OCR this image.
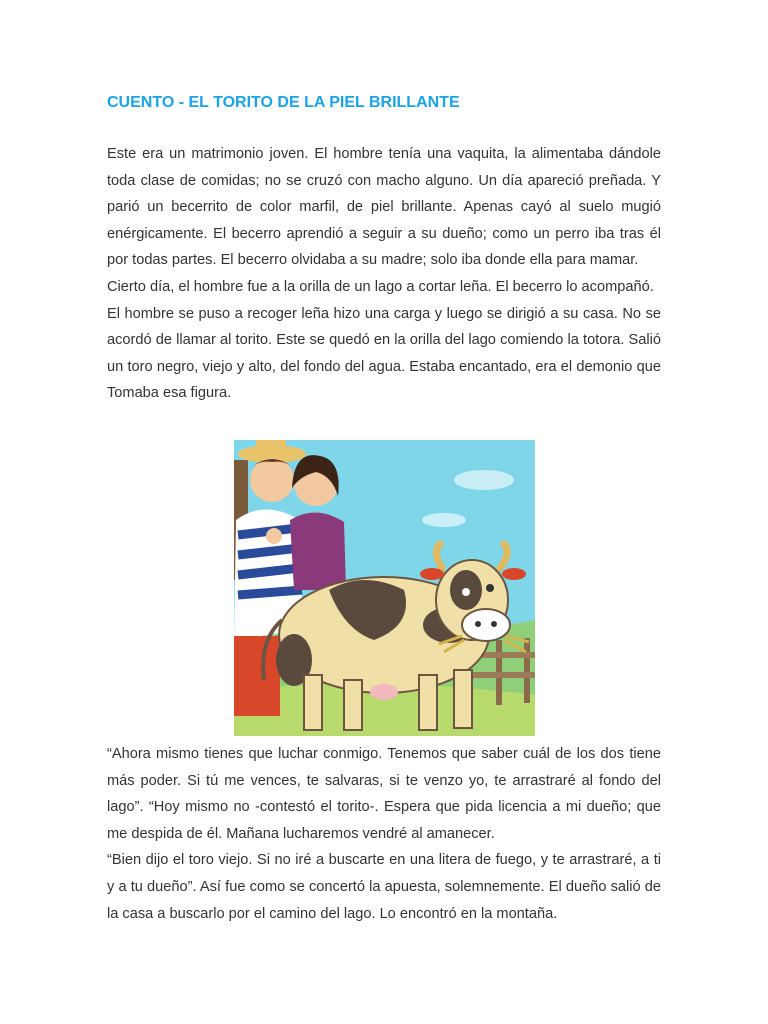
CUENTO - EL TORITO DE LA PIEL BRILLANTE

Este era un matrimonio joven. El hombre tenía una vaquita, la alimentaba dándole toda clase de comidas; no se cruzó con macho alguno. Un día apareció preñada. Y parió un becerrito de color marfil, de piel brillante. Apenas cayó al suelo mugió enérgicamente. El becerro aprendió a seguir a su dueño; como un perro iba tras él por todas partes. El becerro olvidaba a su madre; solo iba donde ella para mamar.

Cierto día, el hombre fue a la orilla de un lago a cortar leña. El becerro lo acompañó.

El hombre se puso a recoger leña hizo una carga y luego se dirigió a su casa. No se acordó de llamar al torito. Este se quedó en la orilla del lago comiendo la totora. Salió un toro negro, viejo y alto, del fondo del agua. Estaba encantado, era el demonio que Tomaba esa figura.

“Ahora mismo tienes que luchar conmigo. Tenemos que saber cuál de los dos tiene más poder. Si tú me vences, te salvaras, si te venzo yo, te arrastraré al fondo del lago”. “Hoy mismo no -contestó el torito-. Espera que pida licencia a mi dueño; que me despida de él. Mañana lucharemos vendré al amanecer.

“Bien dijo el toro viejo. Si no iré a buscarte en una litera de fuego, y te arrastraré, a ti y a tu dueño”. Así fue como se concertó la apuesta, solemnemente. El dueño salió de la casa a buscarlo por el camino del lago. Lo encontró en la montaña.
